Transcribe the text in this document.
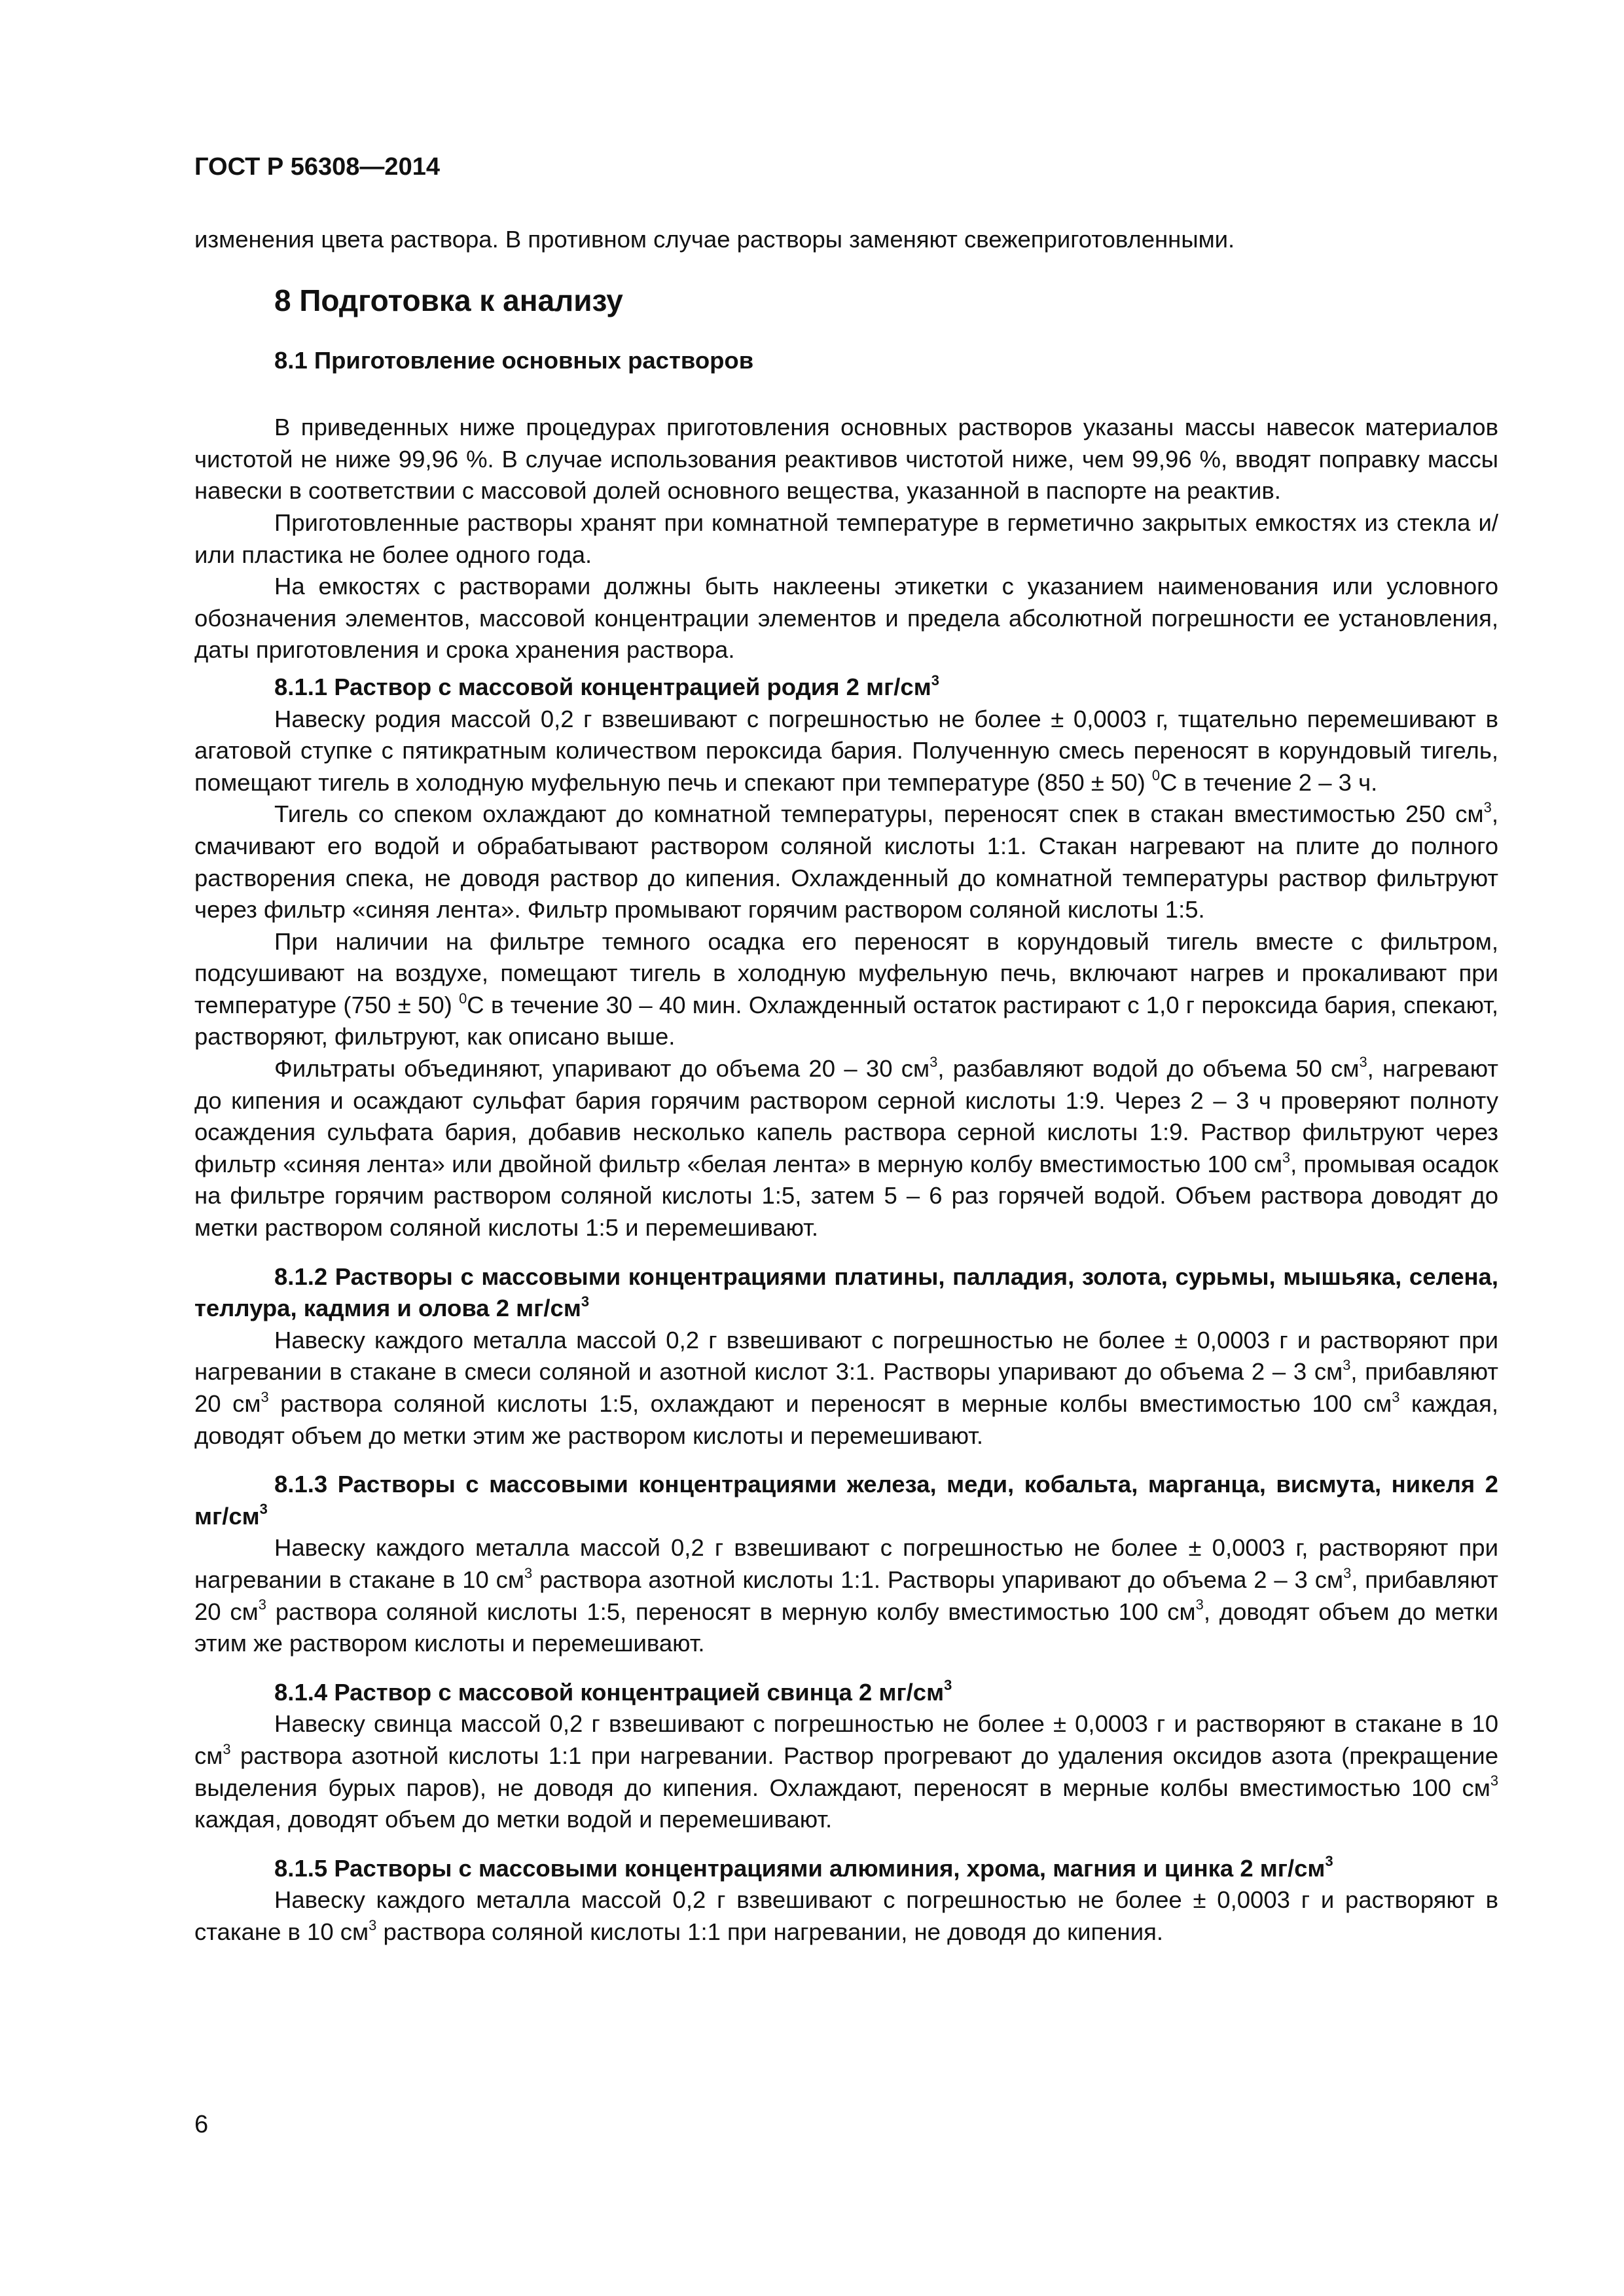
ГОСТ Р 56308—2014

изменения цвета раствора. В противном случае растворы заменяют свежеприготовленными.

8 Подготовка к анализу
8.1 Приготовление основных растворов

В приведенных ниже процедурах приготовления основных растворов указаны массы навесок материалов чистотой не ниже 99,96 %. В случае использования реактивов чистотой ниже, чем 99,96 %, вводят поправку массы навески в соответствии с массовой долей основного вещества, указанной в паспорте на реактив.

Приготовленные растворы хранят при комнатной температуре в герметично закрытых емкостях из стекла и/или пластика не более одного года.

На емкостях с растворами должны быть наклеены этикетки с указанием наименования или условного обозначения элементов, массовой концентрации элементов и предела абсолютной погрешности ее установления, даты приготовления и срока хранения раствора.

8.1.1 Раствор с массовой концентрацией родия 2 $мг/см^3$

Навеску родия массой 0,2 г взвешивают с погрешностью не более ± 0,0003 г, тщательно перемешивают в агатовой ступке с пятикратным количеством пероксида бария. Полученную смесь переносят в корундовый тигель, помещают тигель в холодную муфельную печь и спекают при температуре (850 ± 50) $^0$С в течение 2 – 3 ч.

Тигель со спеком охлаждают до комнатной температуры, переносят спек в стакан вместимостью 250 $см^3$, смачивают его водой и обрабатывают раствором соляной кислоты 1:1. Стакан нагревают на плите до полного растворения спека, не доводя раствор до кипения. Охлажденный до комнатной температуры раствор фильтруют через фильтр «синяя лента». Фильтр промывают горячим раствором соляной кислоты 1:5.

При наличии на фильтре темного осадка его переносят в корундовый тигель вместе с фильтром, подсушивают на воздухе, помещают тигель в холодную муфельную печь, включают нагрев и прокаливают при температуре (750 ± 50) $^0$С в течение 30 – 40 мин. Охлажденный остаток растирают с 1,0 г пероксида бария, спекают, растворяют, фильтруют, как описано выше.

Фильтраты объединяют, упаривают до объема 20 – 30 $см^3$, разбавляют водой до объема 50 $см^3$, нагревают до кипения и осаждают сульфат бария горячим раствором серной кислоты 1:9. Через 2 – 3 ч проверяют полноту осаждения сульфата бария, добавив несколько капель раствора серной кислоты 1:9. Раствор фильтруют через фильтр «синяя лента» или двойной фильтр «белая лента» в мерную колбу вместимостью 100 $см^3$, промывая осадок на фильтре горячим раствором соляной кислоты 1:5, затем 5 – 6 раз горячей водой. Объем раствора доводят до метки раствором соляной кислоты 1:5 и перемешивают.

8.1.2 Растворы с массовыми концентрациями платины, палладия, золота, сурьмы, мышьяка, селена, теллура, кадмия и олова 2 $мг/см^3$

Навеску каждого металла массой 0,2 г взвешивают с погрешностью не более ± 0,0003 г и растворяют при нагревании в стакане в смеси соляной и азотной кислот 3:1. Растворы упаривают до объема 2 – 3 $см^3$, прибавляют 20 $см^3$ раствора соляной кислоты 1:5, охлаждают и переносят в мерные колбы вместимостью 100 $см^3$ каждая, доводят объем до метки этим же раствором кислоты и перемешивают.

8.1.3 Растворы с массовыми концентрациями железа, меди, кобальта, марганца, висмута, никеля 2 $мг/см^3$

Навеску каждого металла массой 0,2 г взвешивают с погрешностью не более ± 0,0003 г, растворяют при нагревании в стакане в 10 $см^3$ раствора азотной кислоты 1:1. Растворы упаривают до объема 2 – 3 $см^3$, прибавляют 20 $см^3$ раствора соляной кислоты 1:5, переносят в мерную колбу вместимостью 100 $см^3$, доводят объем до метки этим же раствором кислоты и перемешивают.

8.1.4 Раствор с массовой концентрацией свинца 2 $мг/см^3$

Навеску свинца массой 0,2 г взвешивают с погрешностью не более ± 0,0003 г и растворяют в стакане в 10 $см^3$ раствора азотной кислоты 1:1 при нагревании. Раствор прогревают до удаления оксидов азота (прекращение выделения бурых паров), не доводя до кипения. Охлаждают, переносят в мерные колбы вместимостью 100 $см^3$ каждая, доводят объем до метки водой и перемешивают.

8.1.5 Растворы с массовыми концентрациями алюминия, хрома, магния и цинка 2 $мг/см^3$

Навеску каждого металла массой 0,2 г взвешивают с погрешностью не более ± 0,0003 г и растворяют в стакане в 10 $см^3$ раствора соляной кислоты 1:1 при нагревании, не доводя до кипения.

6
